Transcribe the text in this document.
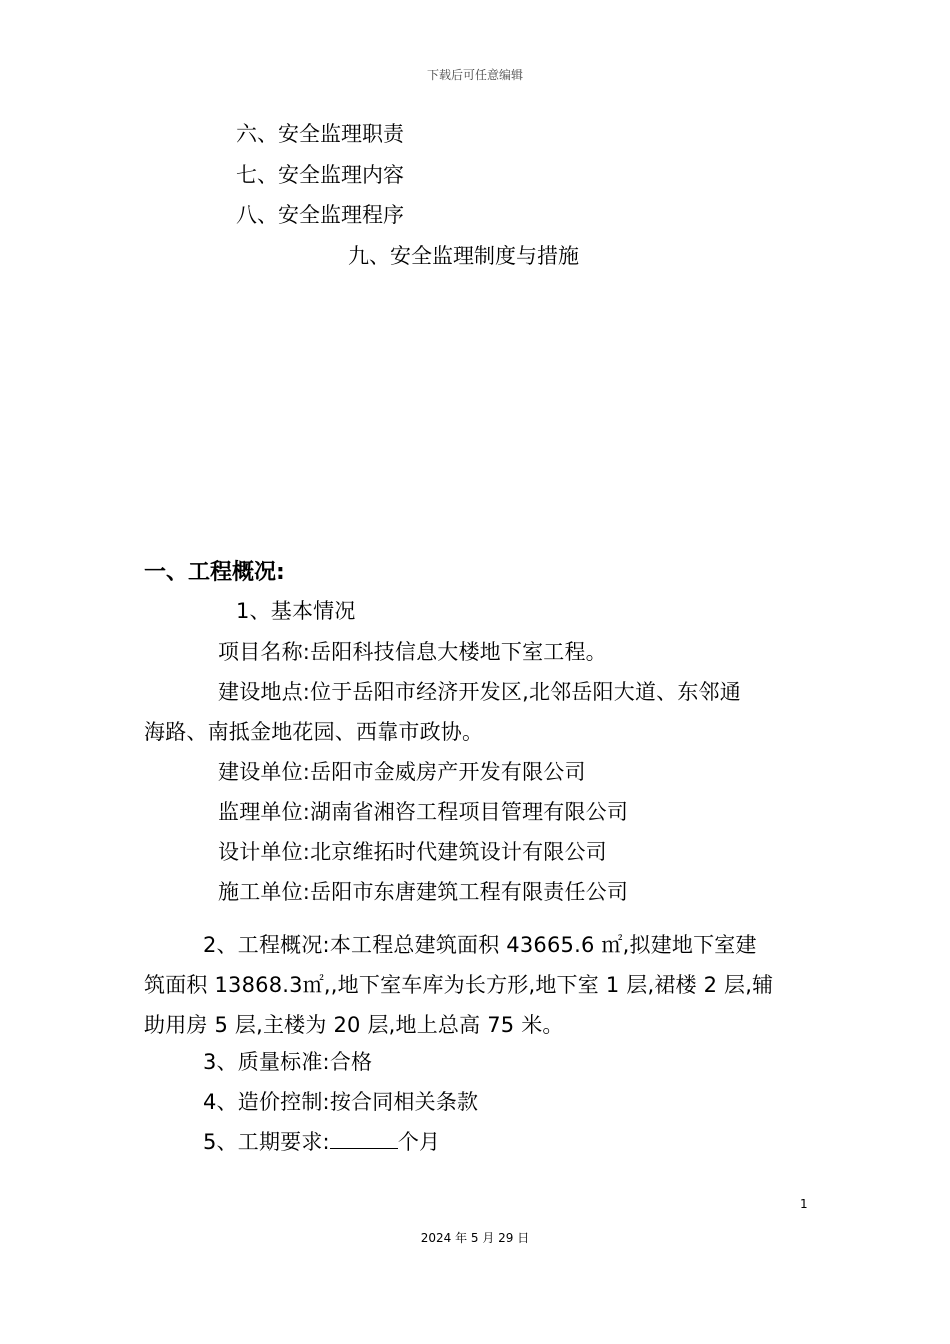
下载后可任意编辑
六、安全监理职责
七、安全监理内容
八、安全监理程序
九、安全监理制度与措施
一、工程概况:
1、基本情况
项目名称:岳阳科技信息大楼地下室工程。
建设地点:位于岳阳市经济开发区,北邻岳阳大道、东邻通
海路、南抵金地花园、西靠市政协。
建设单位:岳阳市金威房产开发有限公司
监理单位:湖南省湘咨工程项目管理有限公司
设计单位:北京维拓时代建筑设计有限公司
施工单位:岳阳市东唐建筑工程有限责任公司
2、工程概况:本工程总建筑面积 43665.6 ㎡,拟建地下室建
筑面积 13868.3㎡,,地下室车库为长方形,地下室 1 层,裙楼 2 层,辅
助用房 5 层,主楼为 20 层,地上总高 75 米。
3、质量标准:合格
4、造价控制:按合同相关条款
5、工期要求:	个月
1
2024 年 5 月 29 日
